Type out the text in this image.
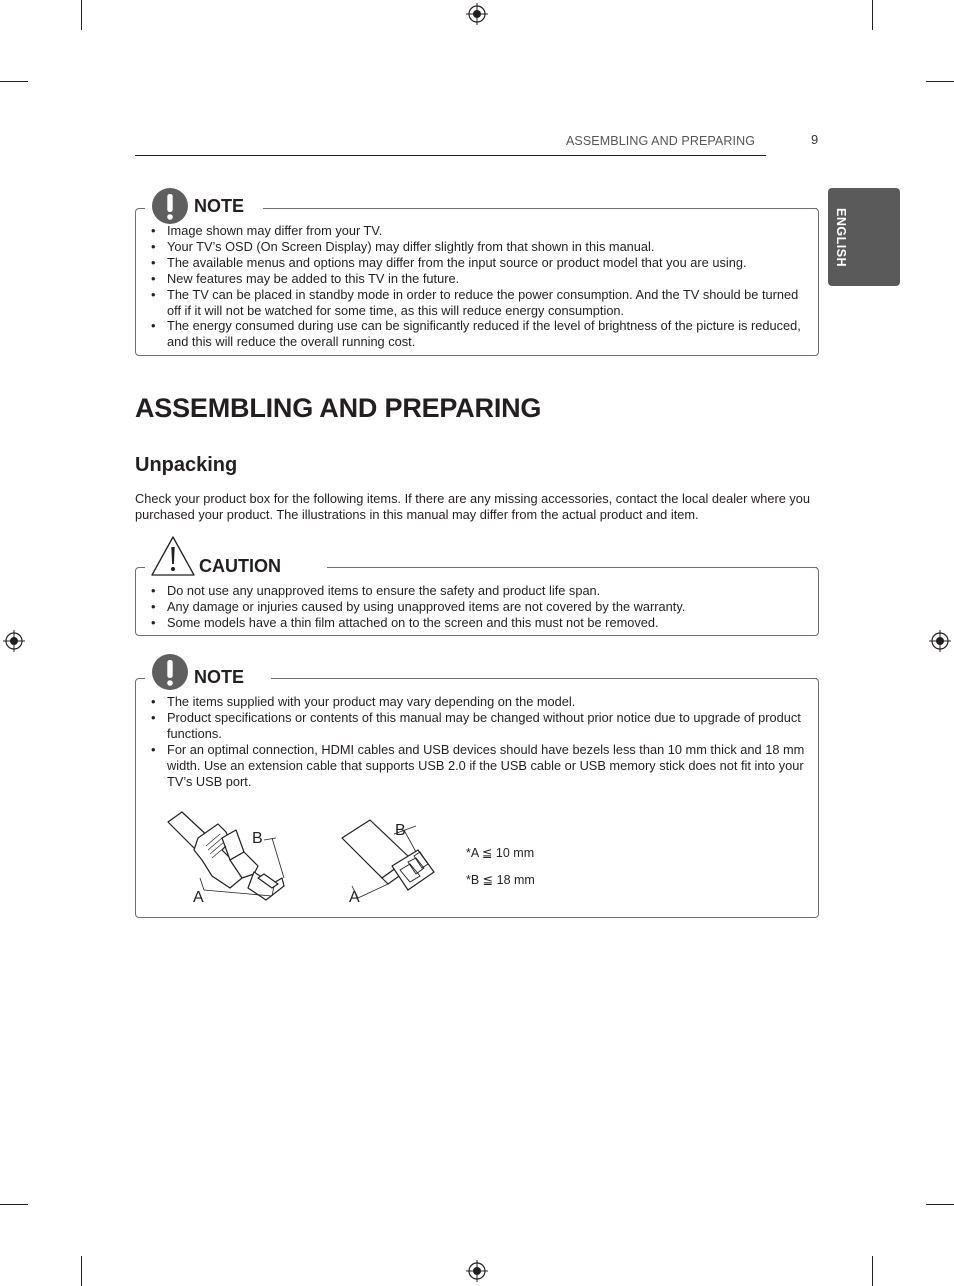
ASSEMBLING AND PREPARING	9
ENGLISH
NOTE
• Image shown may differ from your TV.
• Your TV’s OSD (On Screen Display) may differ slightly from that shown in this manual.
• The available menus and options may differ from the input source or product model that you are using.
• New features may be added to this TV in the future.
• The TV can be placed in standby mode in order to reduce the power consumption. And the TV should be turned off if it will not be watched for some time, as this will reduce energy consumption.
• The energy consumed during use can be significantly reduced if the level of brightness of the picture is reduced, and this will reduce the overall running cost.
ASSEMBLING AND PREPARING
Unpacking
Check your product box for the following items. If there are any missing accessories, contact the local dealer where you purchased your product. The illustrations in this manual may differ from the actual product and item.
CAUTION
• Do not use any unapproved items to ensure the safety and product life span.
• Any damage or injuries caused by using unapproved items are not covered by the warranty.
• Some models have a thin film attached on to the screen and this must not be removed.
NOTE
• The items supplied with your product may vary depending on the model.
• Product specifications or contents of this manual may be changed without prior notice due to upgrade of product functions.
• For an optimal connection, HDMI cables and USB devices should have bezels less than 10 mm thick and 18 mm width. Use an extension cable that supports USB 2.0 if the USB cable or USB memory stick does not fit into your TV’s USB port.
B
A
B
A
*A ≦ 10 mm
*B ≦ 18 mm
